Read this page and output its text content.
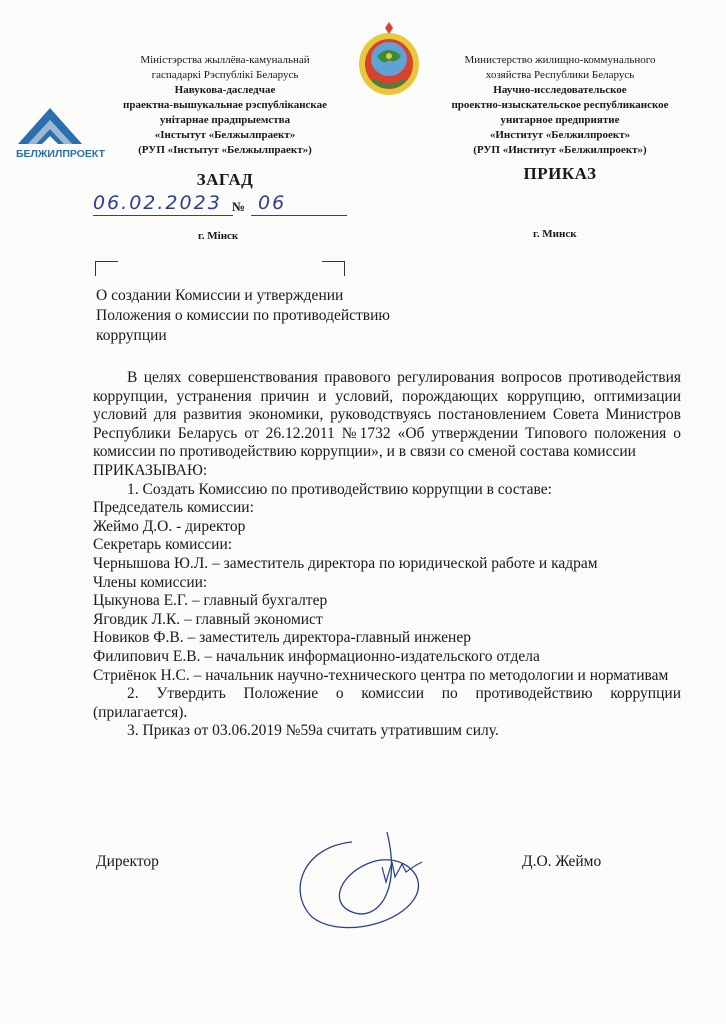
БЕЛЖИЛПРОЕКТ
Міністэрства жыллёва-камунальнай
гаспадаркі Рэспублікі Беларусь
Навукова-даследчае
праектна-вышукальнае рэспубліканскае
унітарнае прадпрыемства
«Інстытут «Белжылпраект»
(РУП «Інстытут «Белжылпраект»)
Министерство жилищно-коммунального
хозяйства Республики Беларусь
Научно-исследовательское
проектно-изыскательское республиканское
унитарное предприятие
«Институт «Белжилпроект»
(РУП «Институт «Белжилпроект»)
ЗАГАД	ПРИКАЗ
06.02.2023 № 06
г. Мінск	г. Минск
О создании Комиссии и утверждении
Положения о комиссии по противодействию
коррупции

В целях совершенствования правового регулирования вопросов противодействия коррупции, устранения причин и условий, порождающих коррупцию, оптимизации условий для развития экономики, руководствуясь постановлением Совета Министров Республики Беларусь от 26.12.2011 №1732 «Об утверждении Типового положения о комиссии по противодействию коррупции», и в связи со сменой состава комиссии

ПРИКАЗЫВАЮ:

1. Создать Комиссию по противодействию коррупции в составе:

Председатель комиссии:

Жеймо Д.О. - директор

Секретарь комиссии:

Чернышова Ю.Л. – заместитель директора по юридической работе и кадрам

Члены комиссии:

Цыкунова Е.Г. – главный бухгалтер

Яговдик Л.К. – главный экономист

Новиков Ф.В. – заместитель директора-главный инженер

Филипович Е.В. – начальник информационно-издательского отдела

Стриёнок Н.С. – начальник научно-технического центра по методологии и нормативам

2. Утвердить Положение о комиссии по противодействию коррупции (прилагается).

3. Приказ от 03.06.2019 №59а считать утратившим силу.

Директор	Д.О. Жеймо
